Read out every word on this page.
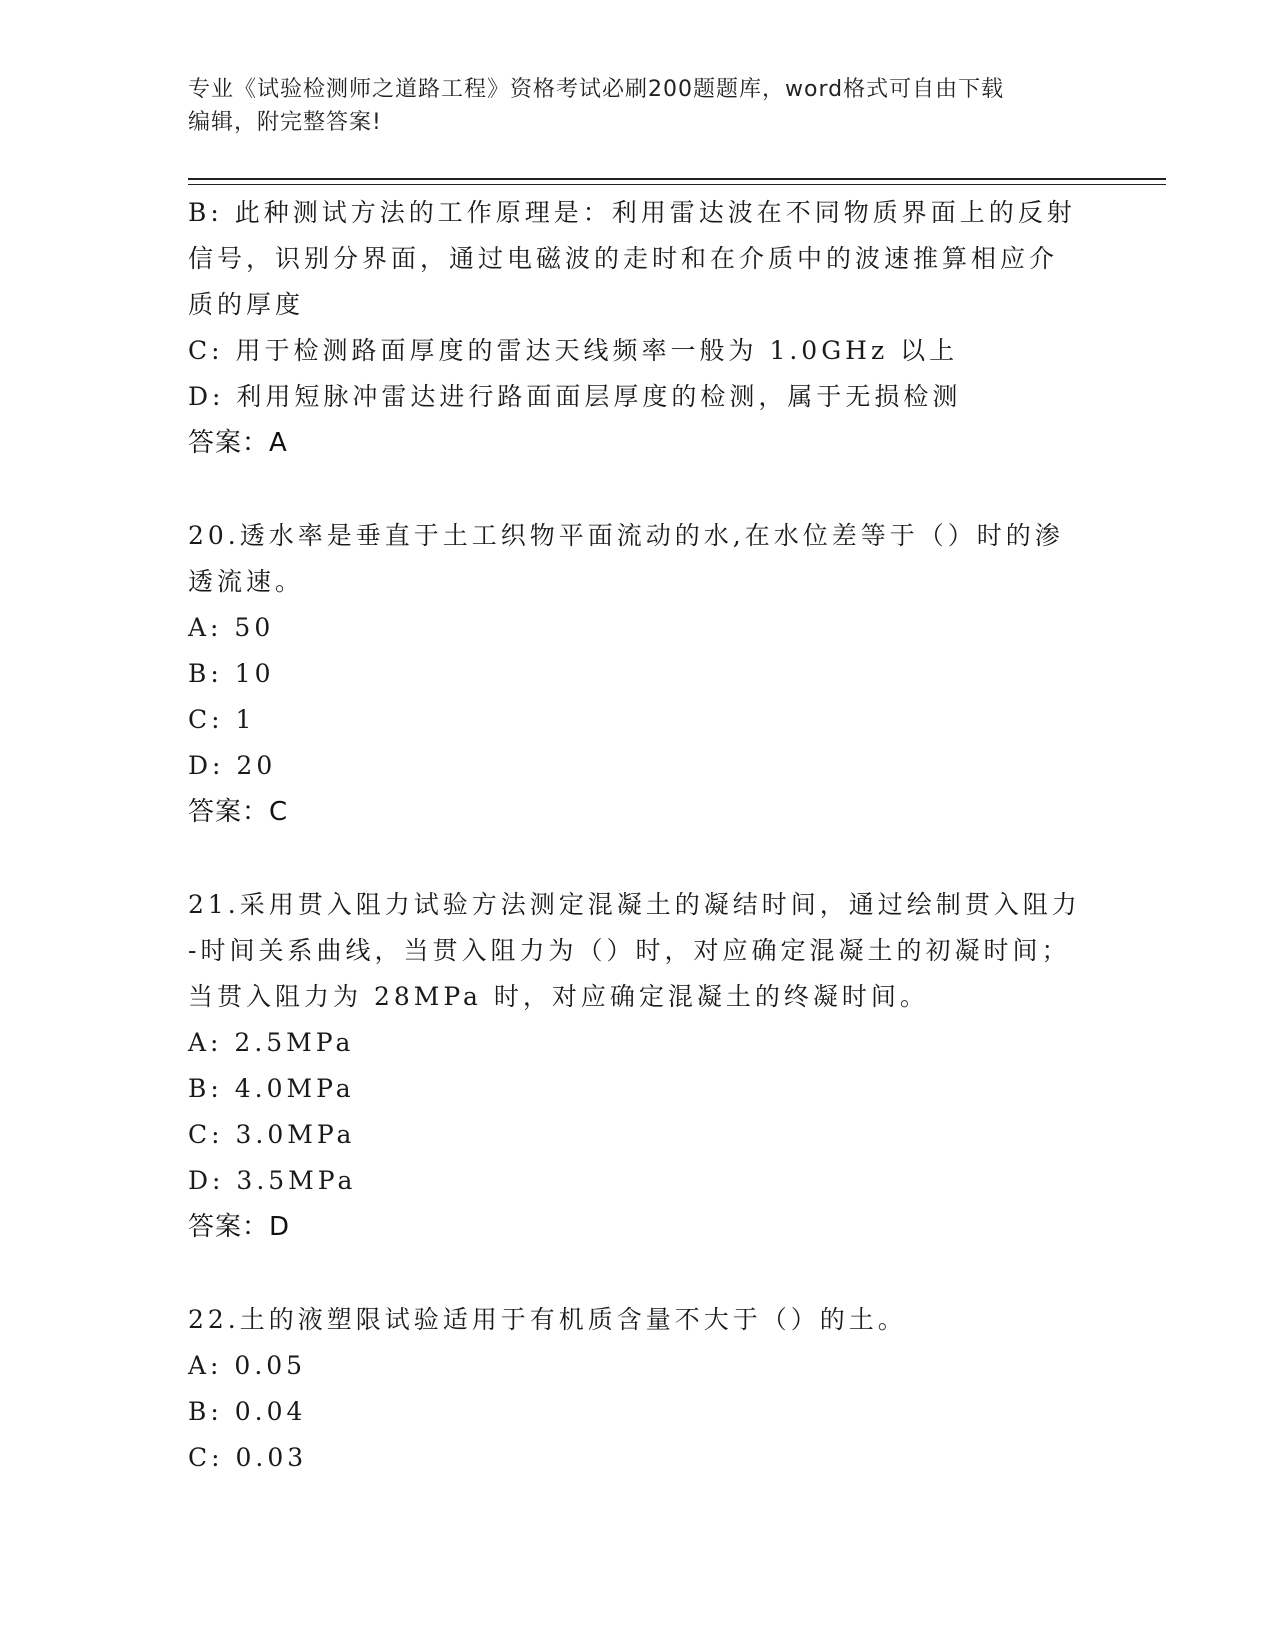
专业《试验检测师之道路工程》资格考试必刷200题题库，word格式可自由下载
编辑，附完整答案!
B: 此种测试方法的工作原理是：利用雷达波在不同物质界面上的反射
信号，识别分界面，通过电磁波的走时和在介质中的波速推算相应介
质的厚度
C: 用于检测路面厚度的雷达天线频率一般为 1.0GHz 以上
D: 利用短脉冲雷达进行路面面层厚度的检测，属于无损检测
答案：A
20.透水率是垂直于土工织物平面流动的水,在水位差等于（）时的渗
透流速。
A: 50
B: 10
C: 1
D: 20
答案：C
21.采用贯入阻力试验方法测定混凝土的凝结时间，通过绘制贯入阻力
-时间关系曲线，当贯入阻力为（）时，对应确定混凝土的初凝时间；
当贯入阻力为 28MPa 时，对应确定混凝土的终凝时间。
A: 2.5MPa
B: 4.0MPa
C: 3.0MPa
D: 3.5MPa
答案：D
22.土的液塑限试验适用于有机质含量不大于（）的土。
A: 0.05
B: 0.04
C: 0.03
